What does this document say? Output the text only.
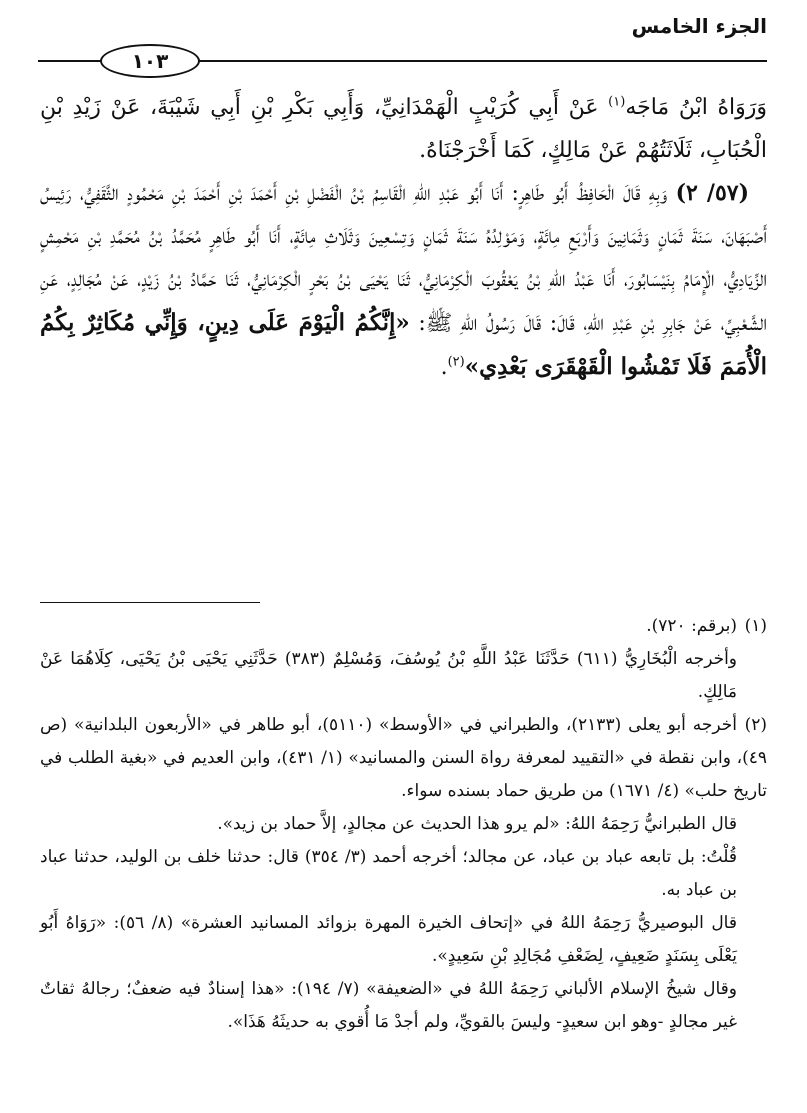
الجزء الخامس
١٠٣

وَرَوَاهُ ابْنُ مَاجَه$^{(١)}$ عَنْ أَبِي كُرَيْبٍ الْهَمْدَانِيِّ، وَأَبِي بَكْرِ بْنِ أَبِي شَيْبَةَ، عَنْ زَيْدِ بْنِ الْحُبَابِ، ثَلَاثَتُهُمْ عَنْ مَالِكٍ، كَمَا أَخْرَجْنَاهُ.

(٥٧/ ٢) وَبِهِ قَالَ الْحَافِظُ أَبُو طَاهِرٍ: أَنَا أَبُو عَبْدِ اللهِ الْقَاسِمُ بْنُ الْفَضْلِ بْنِ أَحْمَدَ بْنِ أَحْمَدَ بْنِ مَحْمُودٍ الثَّقَفِيُّ، رَئِيسُ أَصْبَهَانَ، سَنَةَ ثَمَانٍ وَثَمَانِينَ وَأَرْبَعِ مِائَةٍ، وَمَوْلِدُهُ سَنَةَ ثَمَانٍ وَتِسْعِينَ وَثَلَاثِ مِائَةٍ، أَنَا أَبُو طَاهِرٍ مُحَمَّدُ بْنُ مُحَمَّدِ بْنِ مَحْمِشٍ الزِّيَادِيُّ، الْإِمَامُ بِنَيْسَابُورَ، أَنَا عَبْدُ اللهِ بْنُ يَعْقُوبَ الْكِرْمَانِيُّ، ثَنَا يَحْيَى بْنُ بَحْرٍ الْكِرْمَانِيُّ، ثَنَا حَمَّادُ بْنُ زَيْدٍ، عَنْ مُجَالِدٍ، عَنِ الشَّعْبِيِّ، عَنْ جَابِرِ بْنِ عَبْدِ اللهِ، قَالَ: قَالَ رَسُولُ اللهِ ﷺ: «إِنَّكُمُ الْيَوْمَ عَلَى دِينٍ، وَإِنِّي مُكَاثِرٌ بِكُمُ الْأُمَمَ فَلَا تَمْشُوا الْقَهْقَرَى بَعْدِي»$^{(٢)}$.

(١)(برقم: ٧٢٠).

وأخرجه الْبُخَارِيُّ (٦١١) حَدَّثَنَا عَبْدُ اللَّهِ بْنُ يُوسُفَ، وَمُسْلِمٌ (٣٨٣) حَدَّثَنِي يَحْيَى بْنُ يَحْيَى، كِلَاهُمَا عَنْ مَالِكٍ.

(٢)أخرجه أبو يعلى (٢١٣٣)، والطبراني في «الأوسط» (٥١١٠)، أبو طاهر في «الأربعون البلدانية» (ص ٤٩)، وابن نقطة في «التقييد لمعرفة رواة السنن والمسانيد» (١/ ٤٣١)، وابن العديم في «بغية الطلب في تاريخ حلب» (٤/ ١٦٧١) من طريق حماد بسنده سواء.

قال الطبرانيُّ رَحِمَهُ اللهُ: «لم يرو هذا الحديث عن مجالدٍ، إلاَّ حماد بن زيد».

قُلْتُ: بل تابعه عباد بن عباد، عن مجالد؛ أخرجه أحمد (٣/ ٣٥٤) قال: حدثنا خلف بن الوليد، حدثنا عباد بن عباد به.

قال البوصيريُّ رَحِمَهُ اللهُ في «إتحاف الخيرة المهرة بزوائد المسانيد العشرة» (٨/ ٥٦): «رَوَاهُ أَبُو يَعْلَى بِسَنَدٍ ضَعِيفٍ، لِضَعْفِ مُجَالِدِ بْنِ سَعِيدٍ».

وقال شيخُ الإسلام الألباني رَحِمَهُ اللهُ في «الضعيفة» (٧/ ١٩٤): «هذا إسنادٌ فيه ضعفٌ؛ رجالهُ ثقاتٌ غير مجالدٍ -وهو ابن سعيدٍ- وليسَ بالقويِّ، ولم أجدْ مَا أُقوي به حديثَهُ هَذَا».
